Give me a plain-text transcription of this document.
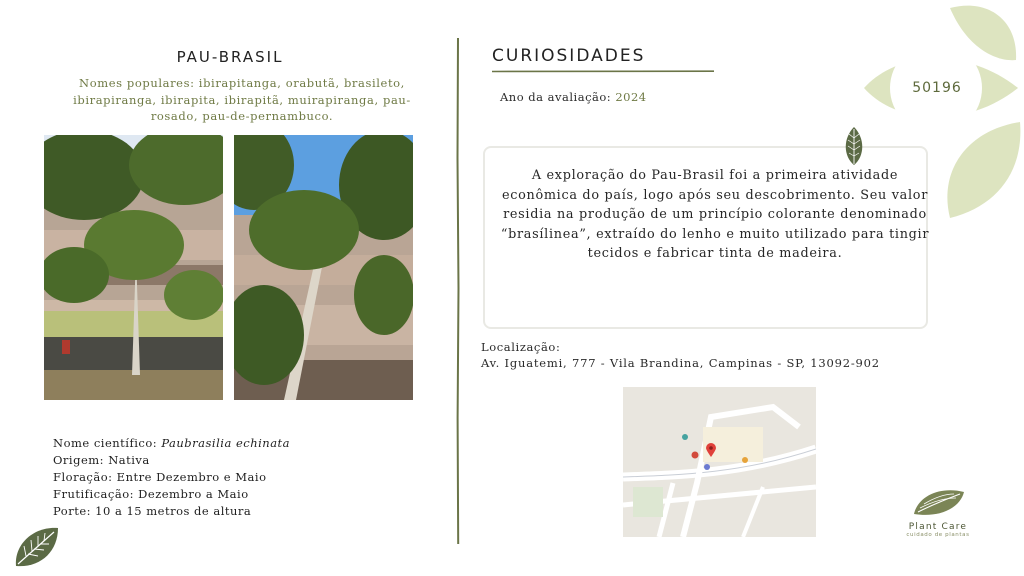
50196
PAU-BRASIL
Nomes populares: ibirapitanga, orabutã, brasileto, ibirapiranga, ibirapita, ibirapitã, muirapiranga, pau-rosado, pau-de-pernambuco.
Nome científico: Paubrasilia echinata
Origem: Nativa
Floração: Entre Dezembro e Maio
Frutificação: Dezembro a Maio
Porte: 10 a 15 metros de altura
CURIOSIDADES
Ano da avaliação: 2024
A exploração do Pau-Brasil foi a primeira atividade econômica do país, logo após seu descobrimento. Seu valor residia na produção de um princípio colorante denominado “brasílinea”, extraído do lenho e muito utilizado para tingir tecidos e fabricar tinta de madeira.
Localização:
Av. Iguatemi, 777 - Vila Brandina, Campinas - SP, 13092-902
Plant Care
cuidado de plantas
